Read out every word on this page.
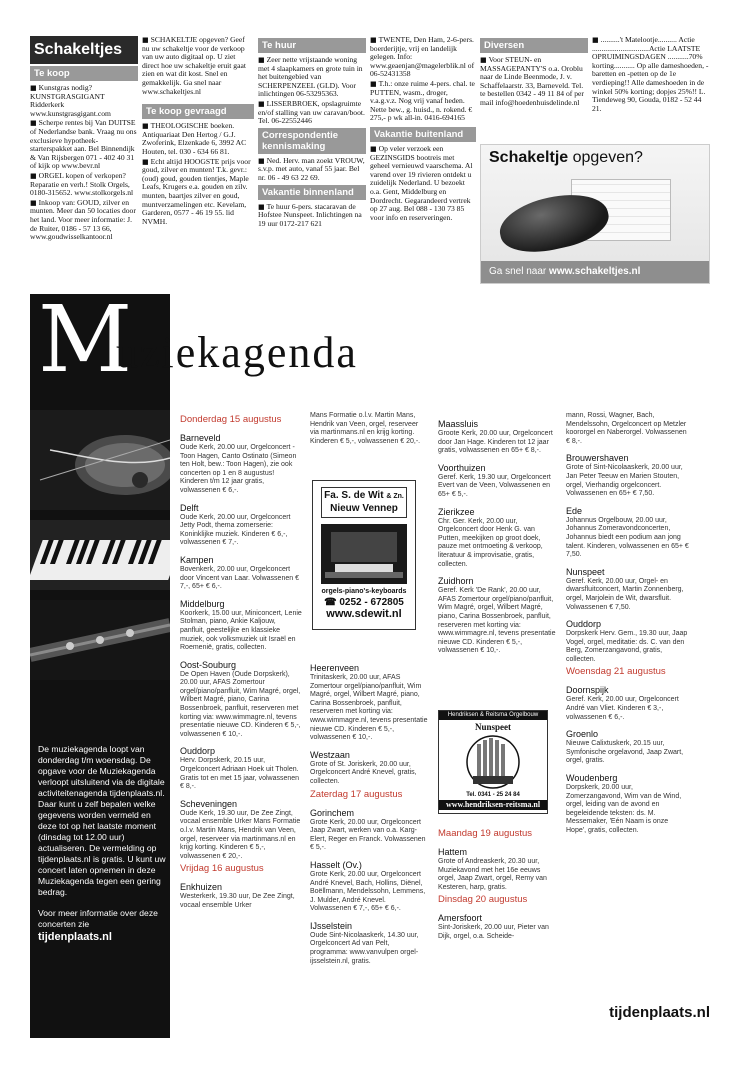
Schakeltjes
Te koop

■ Kunstgras nodig? KUNSTGRASGIGANT Ridderkerk www.kunstgrasgigant.com

■ Scherpe rentes bij Van DUITSE of Nederlandse bank. Vraag nu ons exclusieve hypotheek-starterspakket aan. Bel Binnendijk & Van Rijsbergen 071 - 402 40 31 of kijk op www.bevr.nl

■ ORGEL kopen of verkopen? Reparatie en verh.! Stolk Orgels, 0180-315652. www.stolkorgels.nl

■ Inkoop van: GOUD, zilver en munten. Meer dan 50 locaties door het land. Voor meer informatie: J. de Ruiter, 0186 - 57 13 66, www.goudwisselkantoor.nl

■ SCHAKELTJE opgeven? Geef nu uw schakeltje voor de verkoop van uw auto digitaal op. U ziet direct hoe uw schakeltje eruit gaat zien en wat dit kost. Snel en gemakkelijk. Ga snel naar www.schakeltjes.nl

Te koop gevraagd

■ THEOLOGISCHE boeken. Antiquariaat Den Hertog / G.J. Zwoferink, Elzenkade 6, 3992 AC Houten, tel. 030 - 634 66 81.

■ Echt altijd HOOGSTE prijs voor goud, zilver en munten! T.k. gevr.: (oud) goud, gouden tientjes, Maple Leafs, Krugers e.a. gouden en zilv. munten, baartjes zilver en goud, muntverzamelingen etc. Kevelam, Garderen, 0577 - 46 19 55. lid NVMH.

Te huur

■ Zeer nette vrijstaande woning met 4 slaapkamers en grote tuin in het buitengebied van SCHERPENZEEL (GLD). Voor inlichtingen 06-53295363.

■ LISSERBROEK, opslagruimte en/of stalling van uw caravan/boot. Tel. 06-22552446

Correspondentie kennismaking

■ Ned. Herv. man zoekt VROUW, s.v.p. met auto, vanaf 55 jaar. Bel nr. 06 - 49 63 22 69.

Vakantie binnenland

■ Te huur 6-pers. stacaravan de Hofstee Nunspeet. Inlichtingen na 19 uur 0172-217 621

■ TWENTE, Den Ham, 2-6-pers. boerderijtje, vrij en landelijk gelegen. Info: www.geaenjan@magelerblik.nl of 06-52431358

■ T.h.: onze ruime 4-pers. chal. te PUTTEN, wasm., droger, v.a.g.v.z. Nog vrij vanaf heden. Nette bew., g. huisd., n. rokend. € 275,- p wk all-in. 0416-694165

Vakantie buitenland

■ Op veler verzoek een GEZINSGIDS bootreis met geheel vernieuwd vaarschema. Al varend over 19 rivieren ontdekt u zuidelijk Nederland. U bezoekt o.a. Gent, Middelburg en Dordrecht. Gegarandeerd vertrek op 27 aug. Bel 088 - 130 73 85 voor info en reserveringen.

Diversen

■ Voor STEUN- en MASSAGEPANTY'S o.a. Oroblu naar de Linde Beenmode, J. v. Schaffelaarstr. 33, Barneveld. Tel. te bestellen 0342 - 49 11 84 of per mail info@hoedenhuisdelinde.nl

■ ..........'t Matelootje.......... Actie ..............................Actie LAATSTE OPRUIMINGSDAGEN ...........70% korting........... Op alle dameshoeden, -baretten en -petten op de 1e verdieping!! Alle dameshoeden in de winkel 50% korting; dopjes 25%!! L. Tiendeweg 90, Gouda, 0182 - 52 44 21.

Schakeltje opgeven?
Ga snel naar www.schakeltjes.nl
M
uziekagenda
De muziekagenda loopt van donderdag t/m woensdag. De opgave voor de Muziekagenda verloopt uitsluitend via de digitale activiteitenagenda tijdenplaats.nl. Daar kunt u zelf bepalen welke gegevens worden vermeld en deze tot op het laatste moment (dinsdag tot 12.00 uur) actualiseren. De vermelding op tijdenplaats.nl is gratis. U kunt uw concert laten opnemen in deze Muziekagenda tegen een gering bedrag.
Voor meer informatie over deze concerten zie
tijdenplaats.nl
Donderdag 15 augustus
Barneveld
Oude Kerk, 20.00 uur, Orgelconcert -Toon Hagen, Canto Ostinato (Simeon ten Holt, bew.: Toon Hagen), zie ook concerten op 1 en 8 augustus! Kinderen t/m 12 jaar gratis, volwassenen € 6,-.
Delft
Oude Kerk, 20.00 uur, Orgelconcert Jetty Podt, thema zomerserie: Koninklijke muziek. Kinderen € 6,-, volwassenen € 7,-.
Kampen
Bovenkerk, 20.00 uur, Orgelconcert door Vincent van Laar. Volwassenen € 7,-, 65+ € 6,-.
Middelburg
Koorkerk, 15.00 uur, Miniconcert, Lenie Stolman, piano, Ankie Kaljouw, panfluit, geestelijke en klassieke muziek, ook volksmuziek uit Israël en Roemenië, gratis, collecten.
Oost-Souburg
De Open Haven (Oude Dorpskerk), 20.00 uur, AFAS Zomertour orgel/piano/panfluit, Wim Magré, orgel, Wilbert Magré, piano, Carina Bossenbroek, panfluit, reserveren met korting via: www.wimmagre.nl, tevens presentatie nieuwe CD. Kinderen € 5,-, volwassenen € 10,-.
Ouddorp
Herv. Dorpskerk, 20.15 uur, Orgelconcert Adriaan Hoek uit Tholen. Gratis tot en met 15 jaar, volwassenen € 8,-.
Scheveningen
Oude Kerk, 19.30 uur, De Zee Zingt, vocaal ensemble Urker Mans Formatie o.l.v. Martin Mans, Hendrik van Veen, orgel, reserveer via martinmans.nl en krijg korting. Kinderen € 5,-, volwassenen € 20,-.
Vrijdag 16 augustus
Enkhuizen
Westerkerk, 19.30 uur, De Zee Zingt, vocaal ensemble Urker
Mans Formatie o.l.v. Martin Mans, Hendrik van Veen, orgel, reserveer via martinmans.nl en krijg korting. Kinderen € 5,-, volwassenen € 20,-.
Heerenveen
Trinitaskerk, 20.00 uur, AFAS Zomertour orgel/piano/panfluit, Wim Magré, orgel, Wilbert Magré, piano, Carina Bossenbroek, panfluit, reserveren met korting via: www.wimmagre.nl, tevens presentatie nieuwe CD. Kinderen € 5,-, volwassenen € 10,-.
Westzaan
Grote of St. Joriskerk, 20.00 uur, Orgelconcert André Knevel, gratis, collecten.
Zaterdag 17 augustus
Gorinchem
Grote Kerk, 20.00 uur, Orgelconcert Jaap Zwart, werken van o.a. Karg-Elert, Reger en Franck. Volwassenen € 5,-.
Hasselt (Ov.)
Grote Kerk, 20.00 uur, Orgelconcert André Knevel, Bach, Hollins, Diënel, Boëllmann, Mendelssohn, Lemmens, J. Mulder, André Knevel. Volwassenen € 7,-, 65+ € 6,-.
IJsselstein
Oude Sint-Nicolaaskerk, 14.30 uur, Orgelconcert Ad van Pelt, programma: www.vanvulpen orgel-ijsselstein.nl, gratis.
Maassluis
Groote Kerk, 20.00 uur, Orgelconcert door Jan Hage. Kinderen tot 12 jaar gratis, volwassenen en 65+ € 8,-.
Voorthuizen
Geref. Kerk, 19.30 uur, Orgelconcert Evert van de Veen, Volwassenen en 65+ € 5,-.
Zierikzee
Chr. Ger. Kerk, 20.00 uur, Orgelconcert door Henk G. van Putten, meekijken op groot doek, pauze met ontmoeting & verkoop, literatuur & improvisatie, gratis, collecten.
Zuidhorn
Geref. Kerk 'De Rank', 20.00 uur, AFAS Zomertour orgel/piano/panfluit, Wim Magré, orgel, Wilbert Magré, piano, Carina Bossenbroek, panfluit, reserveren met korting via: www.wimmagre.nl, tevens presentatie nieuwe CD. Kinderen € 5,-, volwassenen € 10,-.
Maandag 19 augustus
Hattem
Grote of Andreaskerk, 20.30 uur, Muziekavond met het 16e eeuws orgel, Jaap Zwart, orgel, Remy van Kesteren, harp, gratis.
Dinsdag 20 augustus
Amersfoort
Sint-Joriskerk, 20.00 uur, Pieter van Dijk, orgel, o.a. Scheide-
mann, Rossi, Wagner, Bach, Mendelssohn, Orgelconcert op Metzler koororgel en Naberorgel. Volwassenen € 8,-.
Brouwershaven
Grote of Sint-Nicolaaskerk, 20.00 uur, Jan Peter Teeuw en Marien Stouten, orgel, Vierhandig orgelconcert. Volwassenen en 65+ € 7,50.
Ede
Johannus Orgelbouw, 20.00 uur, Johannus Zomeravondconcerten, Johannus biedt een podium aan jong talent. Kinderen, volwassenen en 65+ € 7,50.
Nunspeet
Geref. Kerk, 20.00 uur, Orgel- en dwarsfluitconcert, Martin Zonnenberg, orgel, Marjolein de Wit, dwarsfluit. Volwassenen € 7,50.
Ouddorp
Dorpskerk Herv. Gem., 19.30 uur, Jaap Vogel, orgel, meditatie: ds. C. van den Berg, Zomerzangavond, gratis, collecten.
Woensdag 21 augustus
Doornspijk
Geref. Kerk, 20.00 uur, Orgelconcert André van Vliet. Kinderen € 3,-, volwassenen € 6,-.
Groenlo
Nieuwe Calixtuskerk, 20.15 uur, Symfonische orgelavond, Jaap Zwart, orgel, gratis.
Woudenberg
Dorpskerk, 20.00 uur, Zomerzangavond, Wim van de Wind, orgel, leiding van de avond en begeleidende teksten: ds. M. Messemaker, 'Eén Naam is onze Hope', gratis, collecten.
Fa. S. de Wit & Zn.
Nieuw Vennep
orgels-piano's-keyboards
☎ 0252 - 672805
www.sdewit.nl
Hendriksen & Reitsma Orgelbouw
Nunspeet
Tel. 0341 - 25 24 84
www.hendriksen-reitsma.nl
tijdenplaats.nl
